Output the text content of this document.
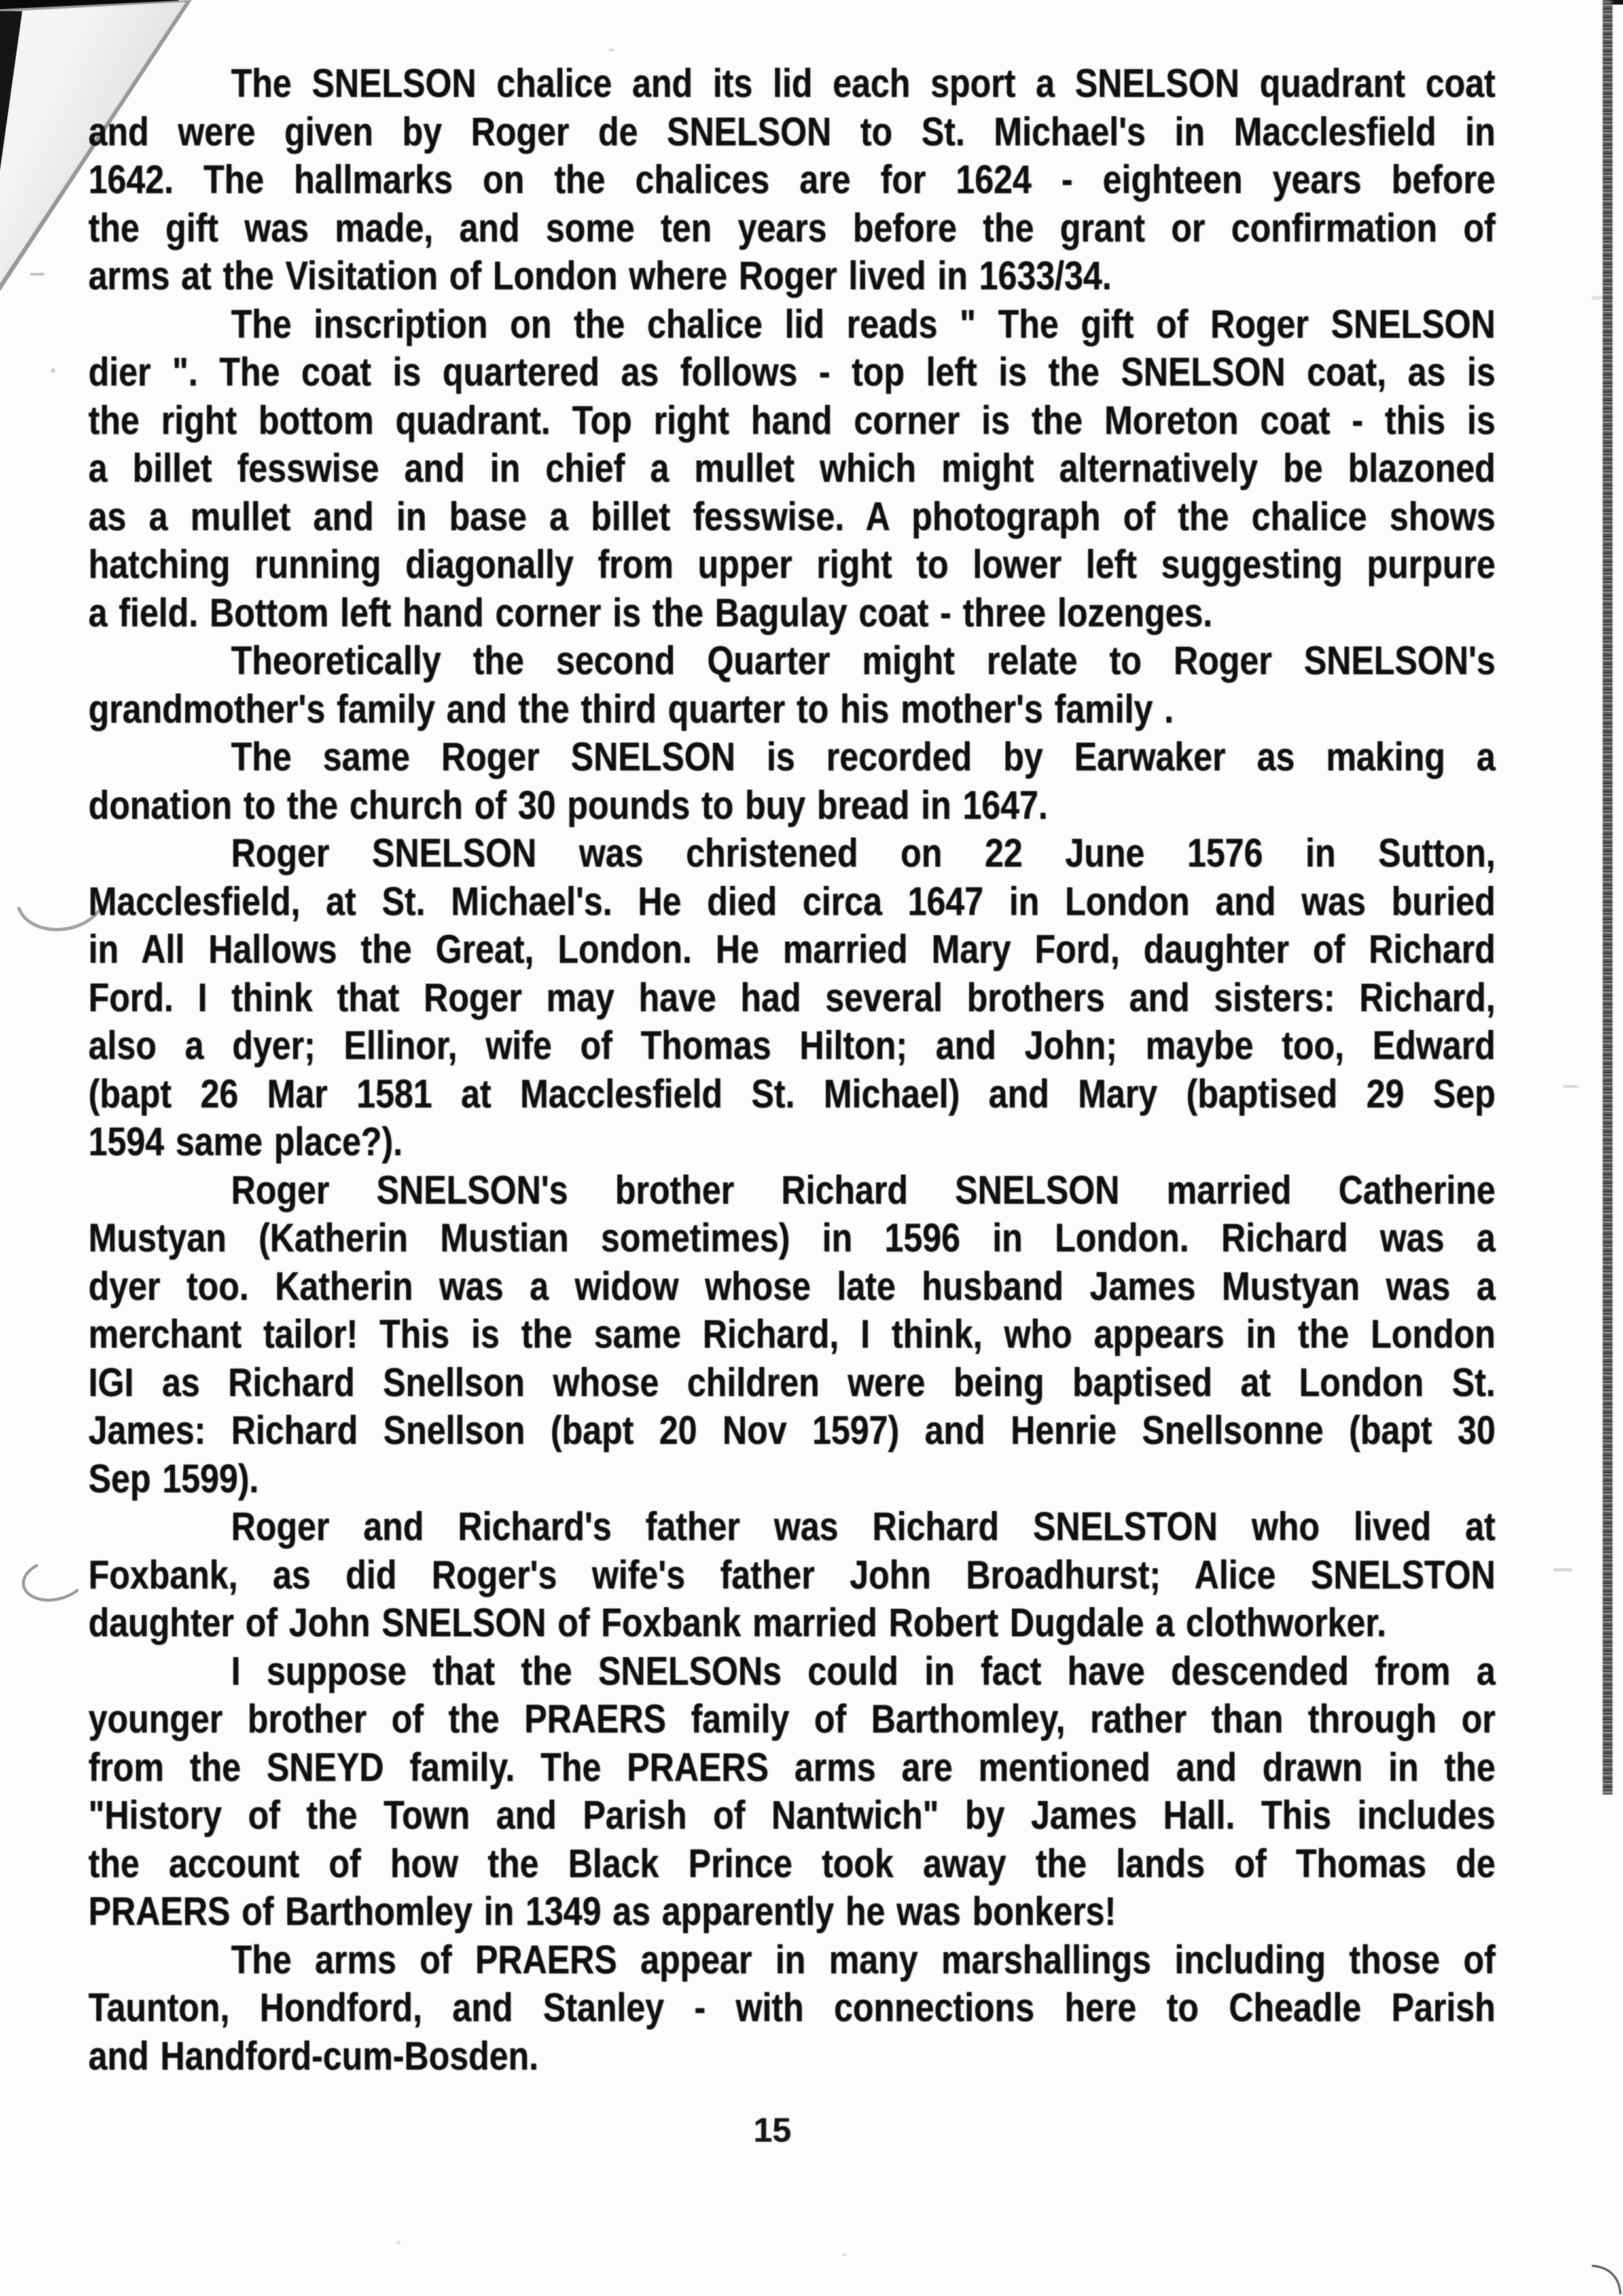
The SNELSON chalice and its lid each sport a SNELSON quadrant coat
and were given by Roger de SNELSON to St. Michael's in Macclesfield in
1642. The hallmarks on the chalices are for 1624 - eighteen years before
the gift was made, and some ten years before the grant or confirmation of
arms at the Visitation of London where Roger lived in 1633/34.
The inscription on the chalice lid reads " The gift of Roger SNELSON
dier ". The coat is quartered as follows - top left is the SNELSON coat, as is
the right bottom quadrant. Top right hand corner is the Moreton coat - this is
a billet fesswise and in chief a mullet which might alternatively be blazoned
as a mullet and in base a billet fesswise. A photograph of the chalice shows
hatching running diagonally from upper right to lower left suggesting purpure
a field. Bottom left hand corner is the Bagulay coat - three lozenges.
Theoretically the second Quarter might relate to Roger SNELSON's
grandmother's family and the third quarter to his mother's family .
The same Roger SNELSON is recorded by Earwaker as making a
donation to the church of 30 pounds to buy bread in 1647.
Roger SNELSON was christened on 22 June 1576 in Sutton,
Macclesfield, at St. Michael's. He died circa 1647 in London and was buried
in All Hallows the Great, London. He married Mary Ford, daughter of Richard
Ford. I think that Roger may have had several brothers and sisters: Richard,
also a dyer; Ellinor, wife of Thomas Hilton; and John; maybe too, Edward
(bapt 26 Mar 1581 at Macclesfield St. Michael) and Mary (baptised 29 Sep
1594 same place?).
Roger SNELSON's brother Richard SNELSON married Catherine
Mustyan (Katherin Mustian sometimes) in 1596 in London. Richard was a
dyer too. Katherin was a widow whose late husband James Mustyan was a
merchant tailor! This is the same Richard, I think, who appears in the London
IGI as Richard Snellson whose children were being baptised at London St.
James: Richard Snellson (bapt 20 Nov 1597) and Henrie Snellsonne (bapt 30
Sep 1599).
Roger and Richard's father was Richard SNELSTON who lived at
Foxbank, as did Roger's wife's father John Broadhurst; Alice SNELSTON
daughter of John SNELSON of Foxbank married Robert Dugdale a clothworker.
I suppose that the SNELSONs could in fact have descended from a
younger brother of the PRAERS family of Barthomley, rather than through or
from the SNEYD family. The PRAERS arms are mentioned and drawn in the
"History of the Town and Parish of Nantwich" by James Hall. This includes
the account of how the Black Prince took away the lands of Thomas de
PRAERS of Barthomley in 1349 as apparently he was bonkers!
The arms of PRAERS appear in many marshallings including those of
Taunton, Hondford, and Stanley - with connections here to Cheadle Parish
and Handford-cum-Bosden.
15
